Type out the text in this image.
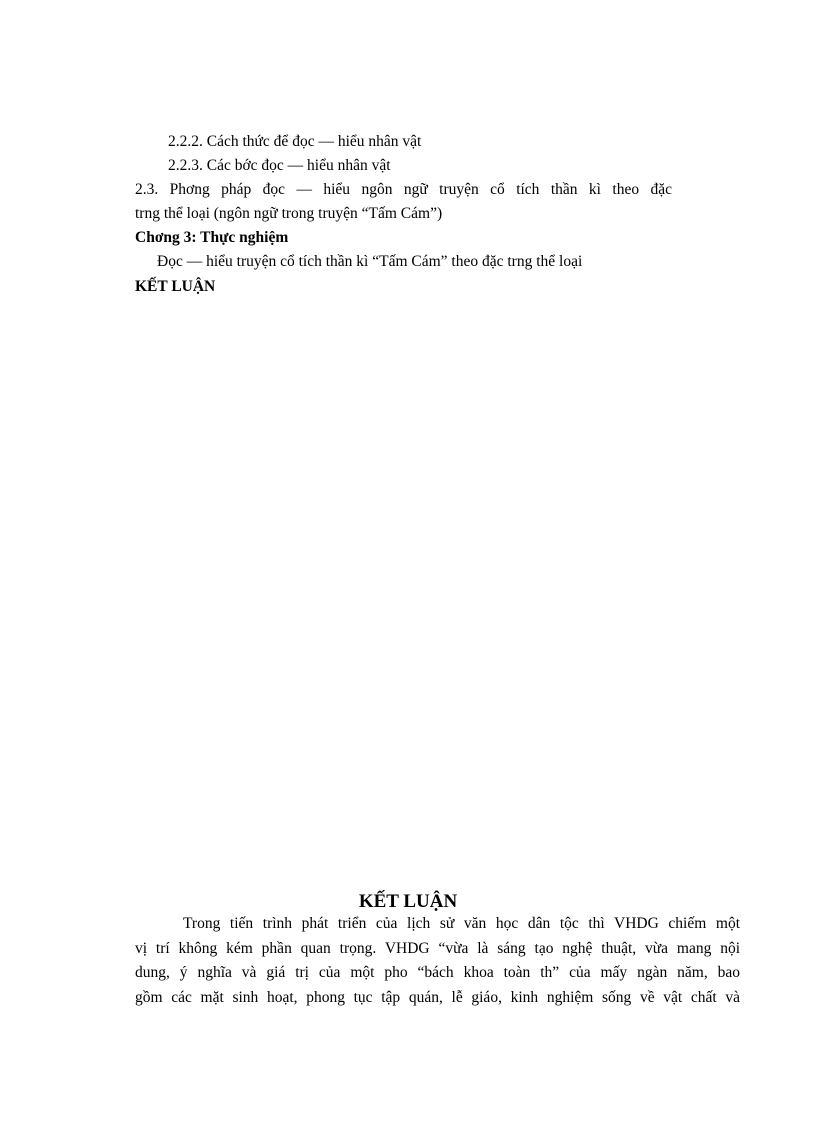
2.2.2. Cách thức để đọc — hiểu nhân vật
2.2.3. Các bớc đọc — hiểu nhân vật
2.3. Phơng pháp đọc — hiểu ngôn ngữ truyện cổ tích thần kì theo đặc
trng thể loại (ngôn ngữ trong truyện “Tấm Cám”)
Chơng 3: Thực nghiệm
Đọc — hiểu truyện cổ tích thần kì “Tấm Cám” theo đặc trng thể loại
KẾT LUẬN
KẾT LUẬN
Trong tiến trình phát triển của lịch sử văn học dân tộc thì VHDG chiếm một
vị trí không kém phần quan trọng. VHDG “vừa là sáng tạo nghệ thuật, vừa mang nội
dung, ý nghĩa và giá trị của một pho “bách khoa toàn th” của mấy ngàn năm, bao
gồm các mặt sinh hoạt, phong tục tập quán, lễ giáo, kinh nghiệm sống về vật chất và
